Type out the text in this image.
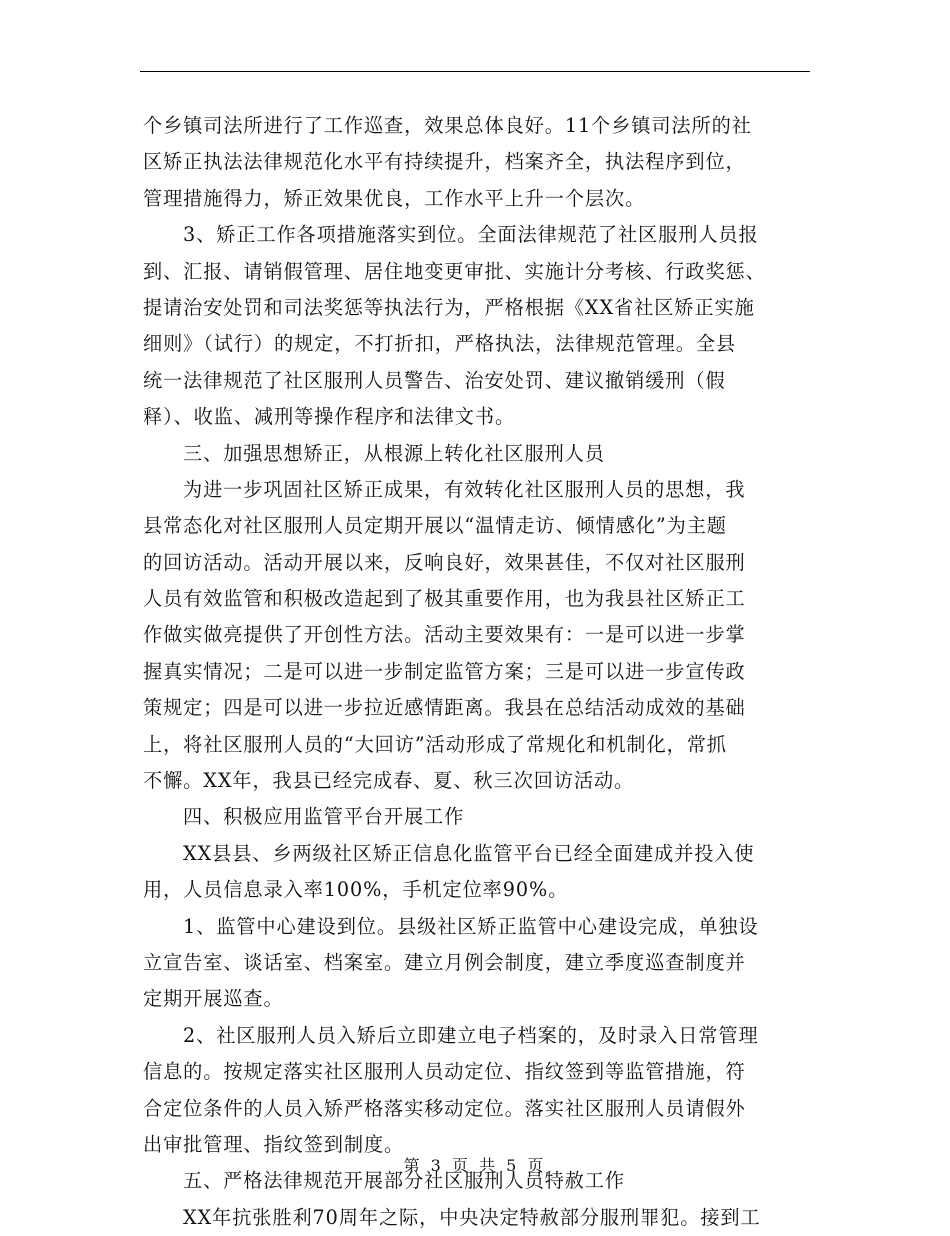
个乡镇司法所进行了工作巡查，效果总体良好。11个乡镇司法所的社
区矫正执法法律规范化水平有持续提升，档案齐全，执法程序到位，
管理措施得力，矫正效果优良，工作水平上升一个层次。
3、矫正工作各项措施落实到位。全面法律规范了社区服刑人员报
到、汇报、请销假管理、居住地变更审批、实施计分考核、行政奖惩、
提请治安处罚和司法奖惩等执法行为，严格根据《XX省社区矫正实施
细则》（试行）的规定，不打折扣，严格执法，法律规范管理。全县
统一法律规范了社区服刑人员警告、治安处罚、建议撤销缓刑（假
释）、收监、减刑等操作程序和法律文书。
三、加强思想矫正，从根源上转化社区服刑人员
为进一步巩固社区矫正成果，有效转化社区服刑人员的思想，我
县常态化对社区服刑人员定期开展以“温情走访、倾情感化”为主题
的回访活动。活动开展以来，反响良好，效果甚佳，不仅对社区服刑
人员有效监管和积极改造起到了极其重要作用，也为我县社区矫正工
作做实做亮提供了开创性方法。活动主要效果有：一是可以进一步掌
握真实情况；二是可以进一步制定监管方案；三是可以进一步宣传政
策规定；四是可以进一步拉近感情距离。我县在总结活动成效的基础
上，将社区服刑人员的“大回访”活动形成了常规化和机制化，常抓
不懈。XX年，我县已经完成春、夏、秋三次回访活动。
四、积极应用监管平台开展工作
XX县县、乡两级社区矫正信息化监管平台已经全面建成并投入使
用，人员信息录入率100%，手机定位率90%。
1、监管中心建设到位。县级社区矫正监管中心建设完成，单独设
立宣告室、谈话室、档案室。建立月例会制度，建立季度巡查制度并
定期开展巡查。
2、社区服刑人员入矫后立即建立电子档案的，及时录入日常管理
信息的。按规定落实社区服刑人员动定位、指纹签到等监管措施，符
合定位条件的人员入矫严格落实移动定位。落实社区服刑人员请假外
出审批管理、指纹签到制度。
五、严格法律规范开展部分社区服刑人员特赦工作
XX年抗张胜利70周年之际，中央决定特赦部分服刑罪犯。接到工
第 3 页 共 5 页
